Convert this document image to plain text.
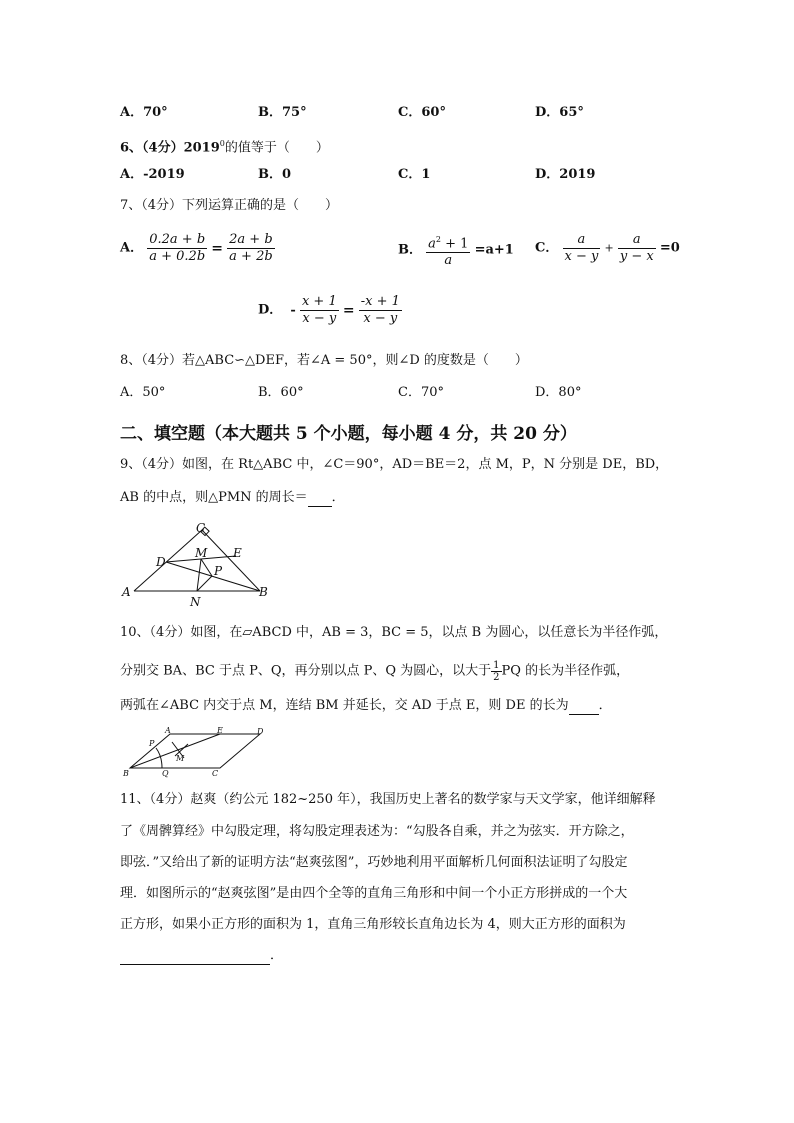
A．70°	B．75°	C．60°	D．65°
6、（4分）2019$^0$的值等于（　　）
A．-2019	B．0	C．1	D．2019
7、（4分）下列运算正确的是（　　）
A． $\frac{0.2a + b}{a + 0.2b} = \frac{2a + b}{a + 2b}$	B． $\frac{a^2 + 1}{a} =a+1$ C． $\frac{a}{x - y} + \frac{a}{y - x} =0$
D． - $\frac{x + 1}{x - y} = \frac{-x + 1}{x - y}$
8、（4分）若△ABC∽△DEF，若∠A = 50°，则∠D 的度数是（　　）
A．50°	B．60°	C．70°	D．80°
二、填空题（本大题共 5 个小题，每小题 4 分，共 20 分）
9、（4分）如图，在 Rt△ABC 中，∠C＝90°，AD＝BE＝2，点 M，P，N 分别是 DE，BD，
AB 的中点，则△PMN 的周长＝ ．
C
D
M E
P
A
N
B
10、（4分）如图，在▱ABCD 中，AB = 3，BC = 5，以点 B 为圆心，以任意长为半径作弧，
分别交 BA、BC 于点 P、Q，再分别以点 P、Q 为圆心，以大于 $\frac{1}{2}$ PQ 的长为半径作弧，
两弧在∠ABC 内交于点 M，连结 BM 并延长，交 AD 于点 E，则 DE 的长为 ．
A	E	D
P
M
B	Q	C
11、（4分）赵爽（约公元 182~250 年），我国历史上著名的数学家与天文学家，他详细解释
了《周髀算经》中勾股定理，将勾股定理表述为：“勾股各自乘，并之为弦实．开方除之，
即弦．”又给出了新的证明方法“赵爽弦图”，巧妙地利用平面解析几何面积法证明了勾股定
理．如图所示的“赵爽弦图”是由四个全等的直角三角形和中间一个小正方形拼成的一个大
正方形，如果小正方形的面积为 1，直角三角形较长直角边长为 4，则大正方形的面积为
．
